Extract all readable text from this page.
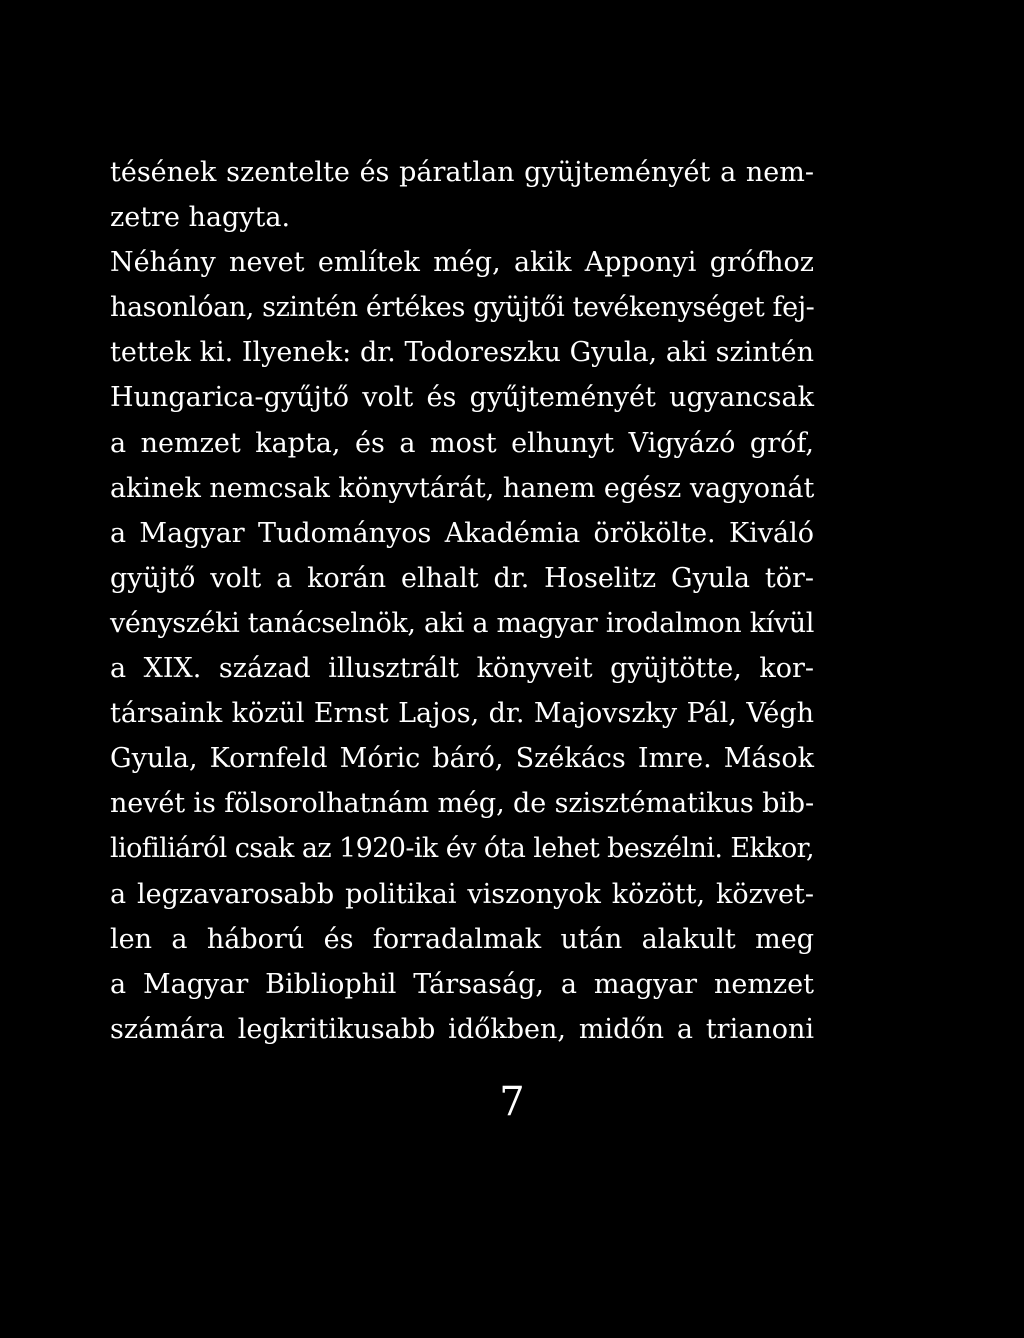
tésének szentelte és páratlan gyüjteményét a nem-
zetre hagyta.
Néhány nevet említek még, akik Apponyi grófhoz
hasonlóan, szintén értékes gyüjtői tevékenységet fej-
tettek ki. Ilyenek: dr. Todoreszku Gyula, aki szintén
Hungarica-gyűjtő volt és gyűjteményét ugyancsak
a nemzet kapta, és a most elhunyt Vigyázó gróf,
akinek nemcsak könyvtárát, hanem egész vagyonát
a Magyar Tudományos Akadémia örökölte. Kiváló
gyüjtő volt a korán elhalt dr. Hoselitz Gyula tör-
vényszéki tanácselnök, aki a magyar irodalmon kívül
a XIX. század illusztrált könyveit gyüjtötte, kor-
társaink közül Ernst Lajos, dr. Majovszky Pál, Végh
Gyula, Kornfeld Móric báró, Székács Imre. Mások
nevét is fölsorolhatnám még, de szisztématikus bib-
liofiliáról csak az 1920-ik év óta lehet beszélni. Ekkor,
a legzavarosabb politikai viszonyok között, közvet-
len a háború és forradalmak után alakult meg
a Magyar Bibliophil Társaság, a magyar nemzet
számára legkritikusabb időkben, midőn a trianoni
7
